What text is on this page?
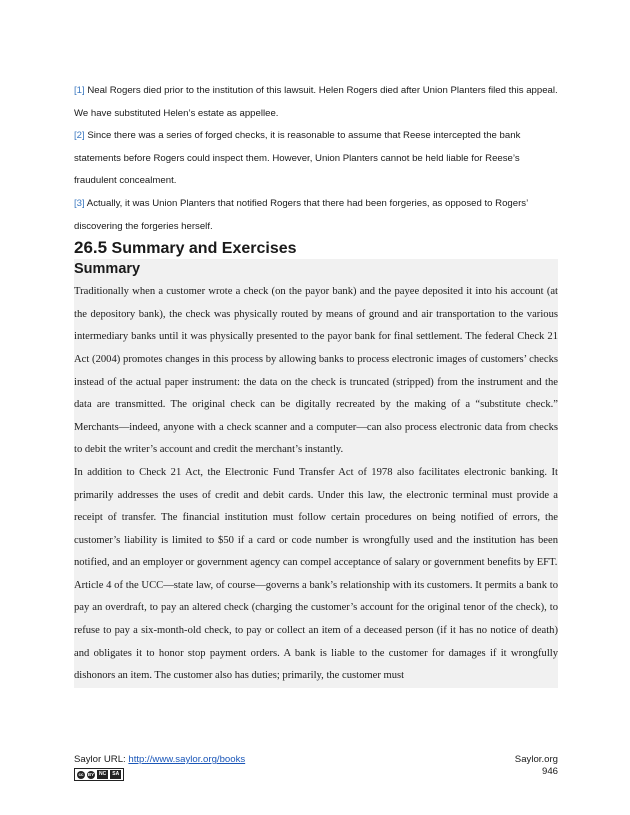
[1] Neal Rogers died prior to the institution of this lawsuit. Helen Rogers died after Union Planters filed this appeal. We have substituted Helen’s estate as appellee.

[2] Since there was a series of forged checks, it is reasonable to assume that Reese intercepted the bank statements before Rogers could inspect them. However, Union Planters cannot be held liable for Reese’s fraudulent concealment.

[3] Actually, it was Union Planters that notified Rogers that there had been forgeries, as opposed to Rogers’ discovering the forgeries herself.

26.5 Summary and Exercises
Summary

Traditionally when a customer wrote a check (on the payor bank) and the payee deposited it into his account (at the depository bank), the check was physically routed by means of ground and air transportation to the various intermediary banks until it was physically presented to the payor bank for final settlement. The federal Check 21 Act (2004) promotes changes in this process by allowing banks to process electronic images of customers’ checks instead of the actual paper instrument: the data on the check is truncated (stripped) from the instrument and the data are transmitted. The original check can be digitally recreated by the making of a “substitute check.” Merchants—indeed, anyone with a check scanner and a computer—can also process electronic data from checks to debit the writer’s account and credit the merchant’s instantly.

In addition to Check 21 Act, the Electronic Fund Transfer Act of 1978 also facilitates electronic banking. It primarily addresses the uses of credit and debit cards. Under this law, the electronic terminal must provide a receipt of transfer. The financial institution must follow certain procedures on being notified of errors, the customer’s liability is limited to $50 if a card or code number is wrongfully used and the institution has been notified, and an employer or government agency can compel acceptance of salary or government benefits by EFT.

Article 4 of the UCC—state law, of course—governs a bank’s relationship with its customers. It permits a bank to pay an overdraft, to pay an altered check (charging the customer’s account for the original tenor of the check), to refuse to pay a six-month-old check, to pay or collect an item of a deceased person (if it has no notice of death) and obligates it to honor stop payment orders. A bank is liable to the customer for damages if it wrongfully dishonors an item. The customer also has duties; primarily, the customer must

Saylor URL: http://www.saylor.org/books
cc BY NC	SA
Saylor.org
946
